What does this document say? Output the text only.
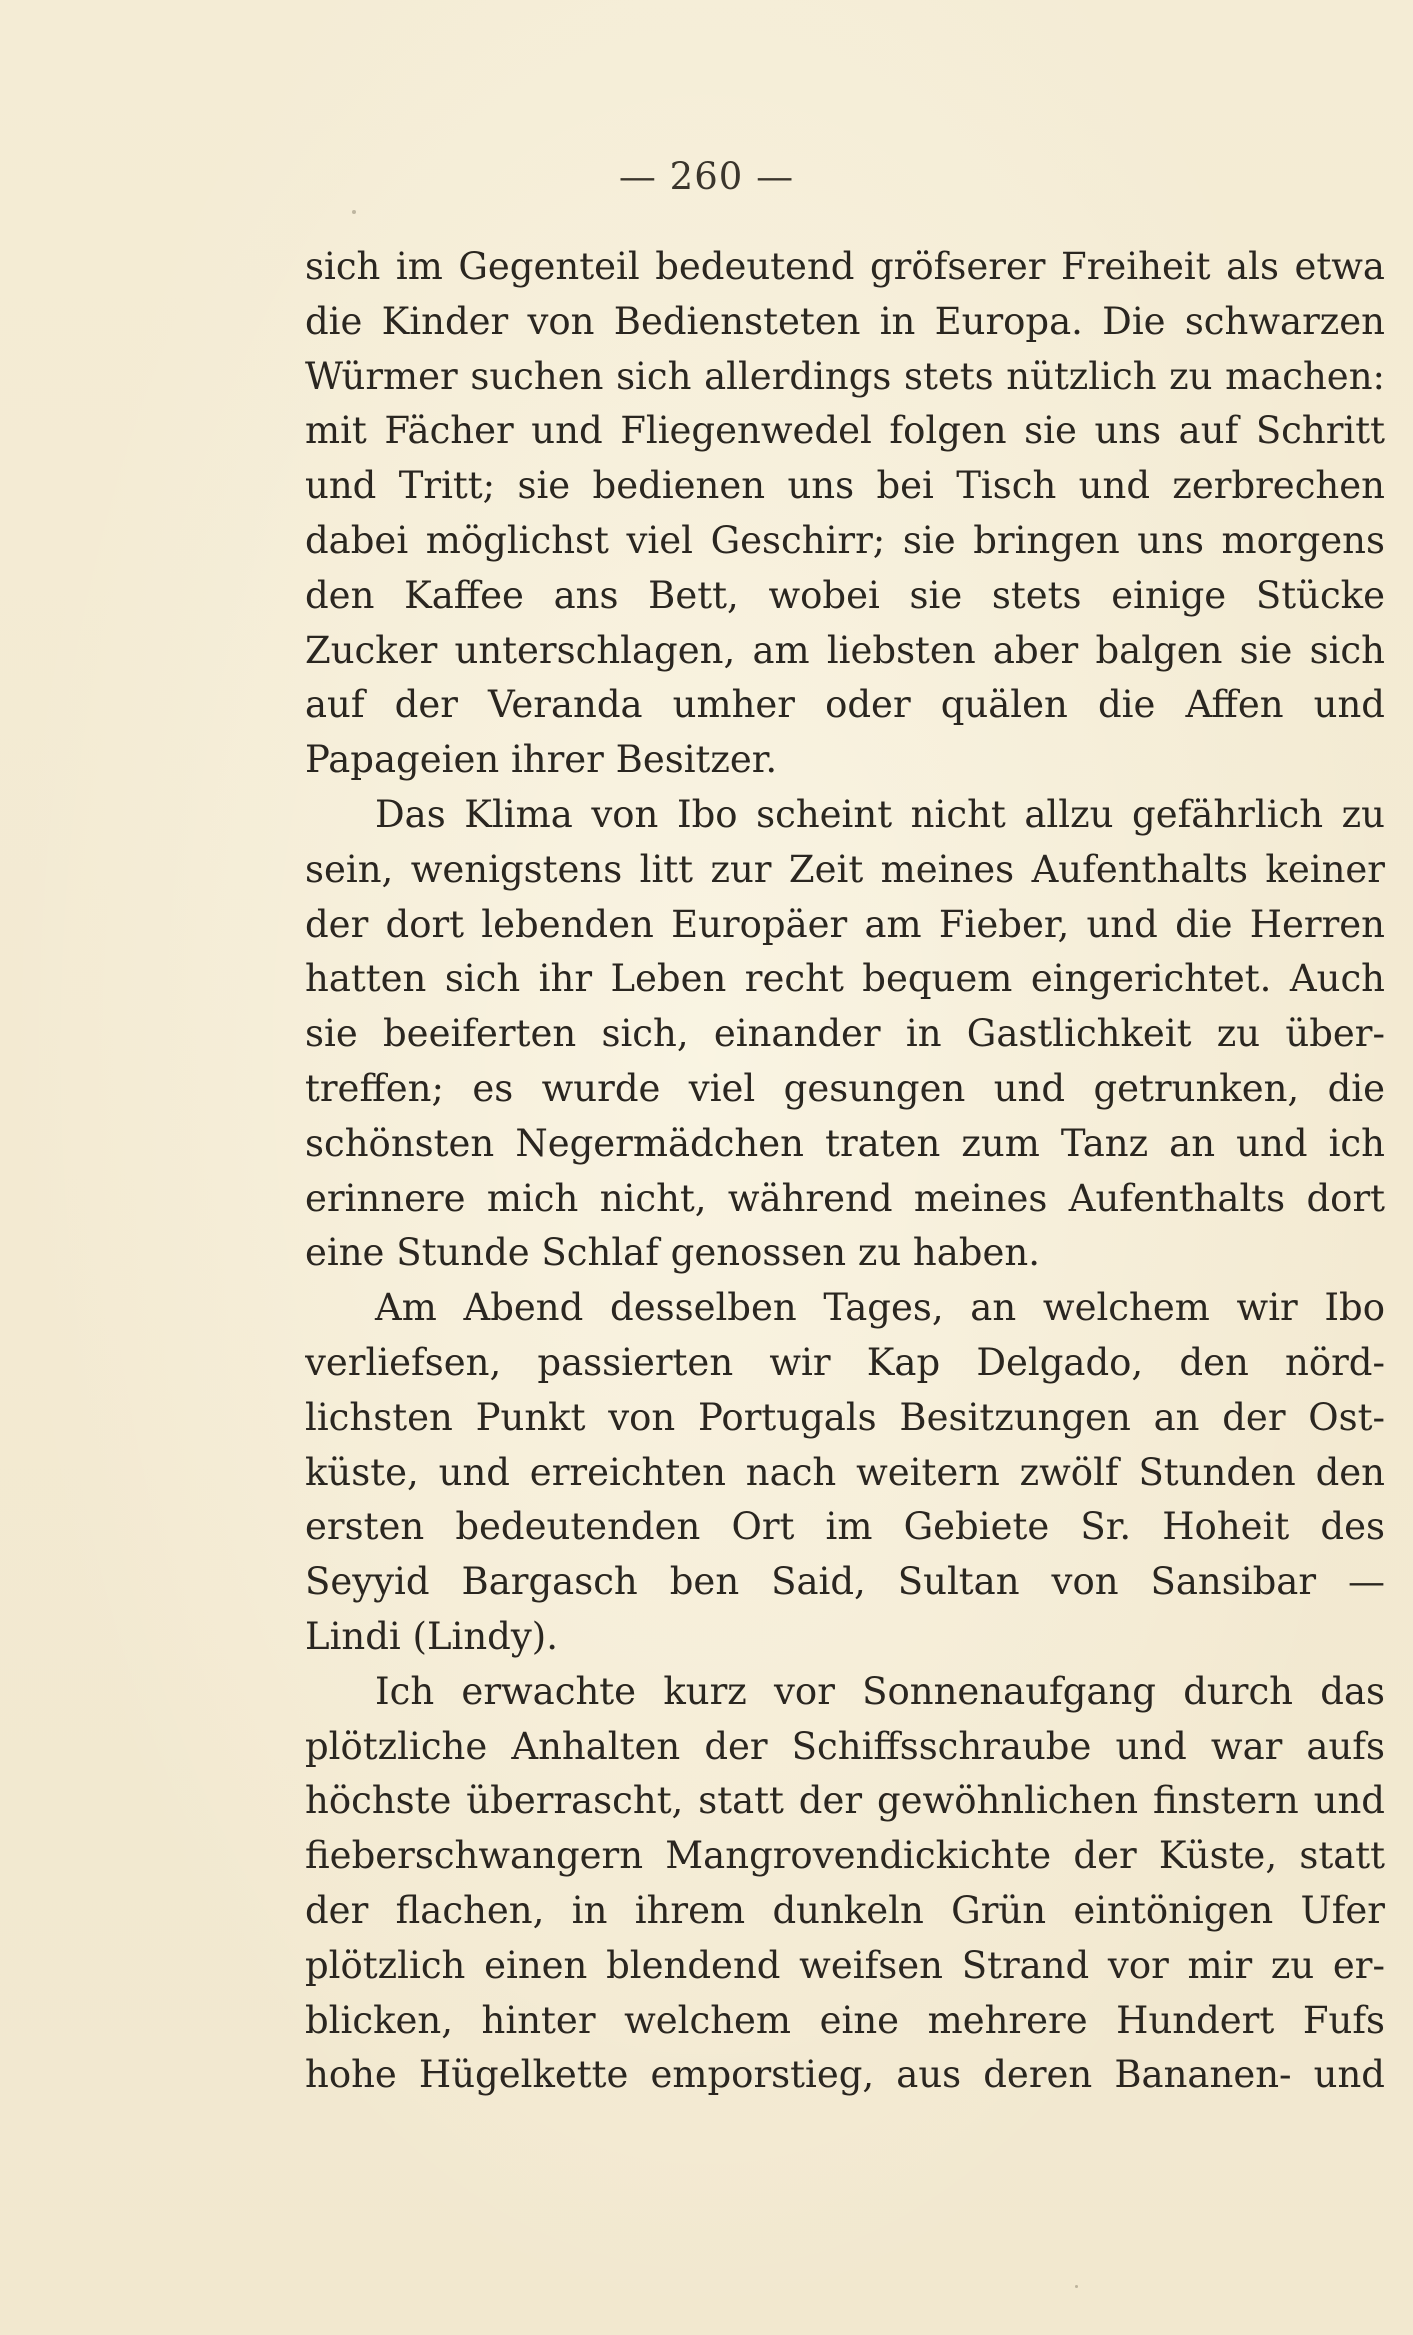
— 260 —
sich im Gegenteil bedeutend gröfserer Freiheit als etwa
die Kinder von Bediensteten in Europa. Die schwarzen
Würmer suchen sich allerdings stets nützlich zu machen:
mit Fächer und Fliegenwedel folgen sie uns auf Schritt
und Tritt; sie bedienen uns bei Tisch und zerbrechen
dabei möglichst viel Geschirr; sie bringen uns morgens
den Kaffee ans Bett, wobei sie stets einige Stücke
Zucker unterschlagen, am liebsten aber balgen sie sich
auf der Veranda umher oder quälen die Affen und
Papageien ihrer Besitzer.
Das Klima von Ibo scheint nicht allzu gefährlich zu
sein, wenigstens litt zur Zeit meines Aufenthalts keiner
der dort lebenden Europäer am Fieber, und die Herren
hatten sich ihr Leben recht bequem eingerichtet. Auch
sie beeiferten sich, einander in Gastlichkeit zu über-
treffen; es wurde viel gesungen und getrunken, die
schönsten Negermädchen traten zum Tanz an und ich
erinnere mich nicht, während meines Aufenthalts dort
eine Stunde Schlaf genossen zu haben.
Am Abend desselben Tages, an welchem wir Ibo
verliefsen, passierten wir Kap Delgado, den nörd-
lichsten Punkt von Portugals Besitzungen an der Ost-
küste, und erreichten nach weitern zwölf Stunden den
ersten bedeutenden Ort im Gebiete Sr. Hoheit des
Seyyid Bargasch ben Said, Sultan von Sansibar —
Lindi (Lindy).
Ich erwachte kurz vor Sonnenaufgang durch das
plötzliche Anhalten der Schiffsschraube und war aufs
höchste überrascht, statt der gewöhnlichen finstern und
fieberschwangern Mangrovendickichte der Küste, statt
der flachen, in ihrem dunkeln Grün eintönigen Ufer
plötzlich einen blendend weifsen Strand vor mir zu er-
blicken, hinter welchem eine mehrere Hundert Fufs
hohe Hügelkette emporstieg, aus deren Bananen- und
